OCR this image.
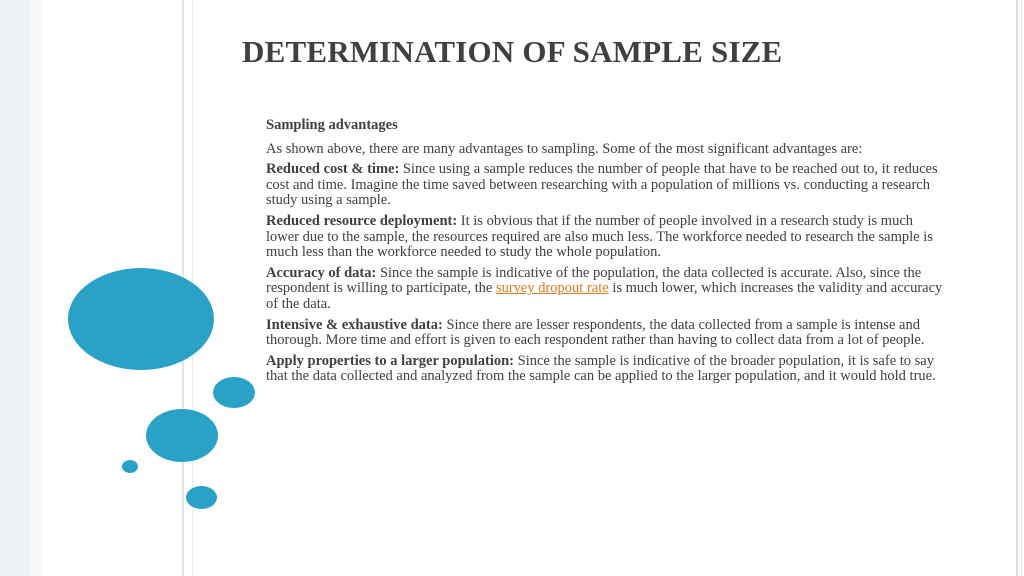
DETERMINATION OF SAMPLE SIZE

Sampling advantages

As shown above, there are many advantages to sampling. Some of the most significant advantages are:

Reduced cost & time: Since using a sample reduces the number of people that have to be reached out to, it reduces cost and time. Imagine the time saved between researching with a population of millions vs. conducting a research study using a sample.

Reduced resource deployment: It is obvious that if the number of people involved in a research study is much lower due to the sample, the resources required are also much less. The workforce needed to research the sample is much less than the workforce needed to study the whole population.

Accuracy of data: Since the sample is indicative of the population, the data collected is accurate. Also, since the respondent is willing to participate, the survey dropout rate is much lower, which increases the validity and accuracy of the data.

Intensive & exhaustive data: Since there are lesser respondents, the data collected from a sample is intense and thorough. More time and effort is given to each respondent rather than having to collect data from a lot of people.

Apply properties to a larger population: Since the sample is indicative of the broader population, it is safe to say that the data collected and analyzed from the sample can be applied to the larger population, and it would hold true.
